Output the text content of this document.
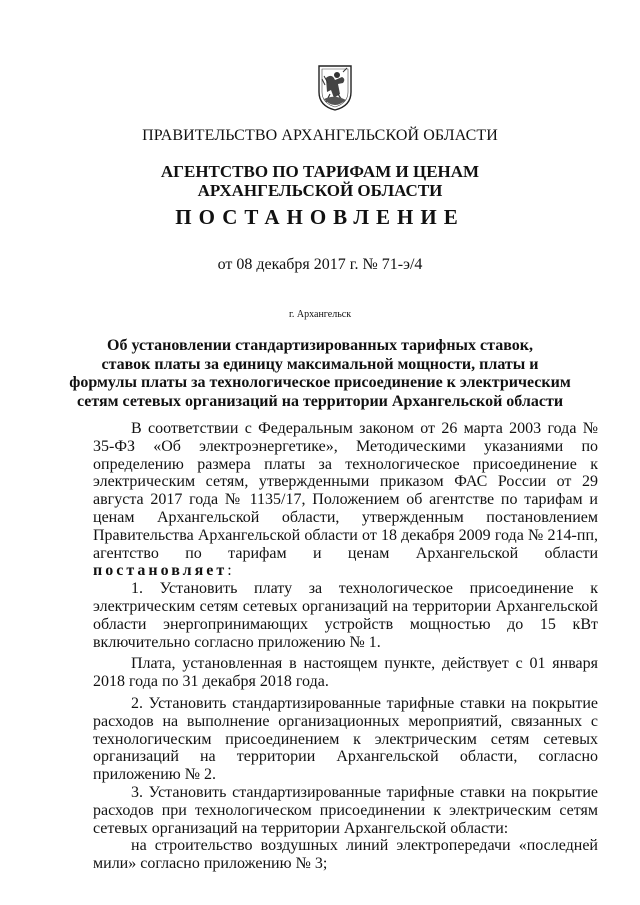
ПРАВИТЕЛЬСТВО АРХАНГЕЛЬСКОЙ ОБЛАСТИ
АГЕНТСТВО ПО ТАРИФАМ И ЦЕНАМ
АРХАНГЕЛЬСКОЙ ОБЛАСТИ
ПОСТАНОВЛЕНИЕ
от 08 декабря 2017 г. № 71-э/4
г. Архангельск
Об установлении стандартизированных тарифных ставок,
ставок платы за единицу максимальной мощности, платы и
формулы платы за технологическое присоединение к электрическим
сетям сетевых организаций на территории Архангельской области

В соответствии с Федеральным законом от 26 марта 2003 года № 35-ФЗ «Об электроэнергетике», Методическими указаниями по определению размера платы за технологическое присоединение к электрическим сетям, утвержденными приказом ФАС России от 29 августа 2017 года № 1135/17, Положением об агентстве по тарифам и ценам Архангельской области, утвержденным постановлением Правительства Архангельской области от 18 декабря 2009 года № 214-пп, агентство по тарифам и ценам Архангельской области постановляет:

1. Установить плату за технологическое присоединение к электрическим сетям сетевых организаций на территории Архангельской области энергопринимающих устройств мощностью до 15 кВт включительно согласно приложению № 1.

Плата, установленная в настоящем пункте, действует с 01 января 2018 года по 31 декабря 2018 года.

2. Установить стандартизированные тарифные ставки на покрытие расходов на выполнение организационных мероприятий, связанных с технологическим присоединением к электрическим сетям сетевых организаций на территории Архангельской области, согласно приложению № 2.

3. Установить стандартизированные тарифные ставки на покрытие расходов при технологическом присоединении к электрическим сетям сетевых организаций на территории Архангельской области:

на строительство воздушных линий электропередачи «последней мили» согласно приложению № 3;
